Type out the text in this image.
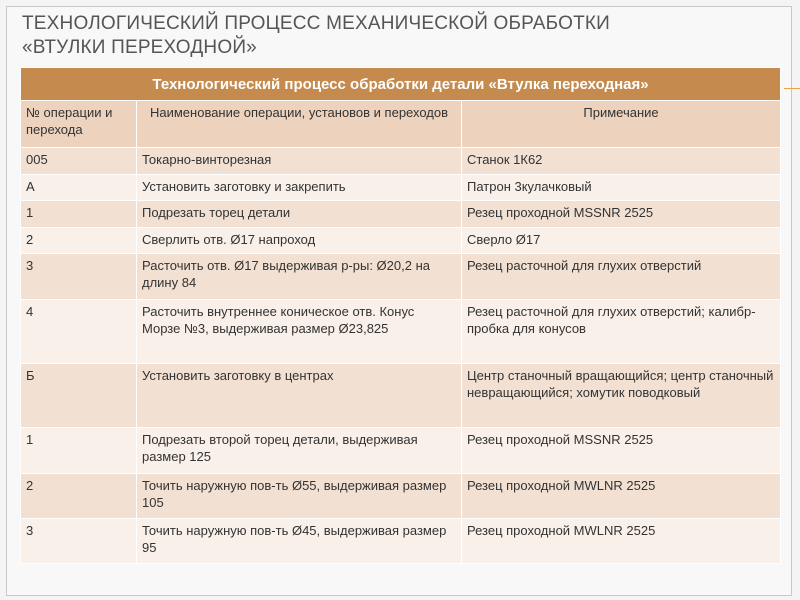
ТЕХНОЛОГИЧЕСКИЙ ПРОЦЕСС МЕХАНИЧЕСКОЙ ОБРАБОТКИ
«ВТУЛКИ ПЕРЕХОДНОЙ»
Технологический процесс обработки детали «Втулка переходная»		
№ операции и перехода	Наименование операции, установов и переходов	Примечание
005	Токарно-винторезная	Станок 1К62
А	Установить заготовку и закрепить	Патрон 3кулачковый
1	Подрезать торец детали	Резец проходной MSSNR 2525
2	Сверлить отв. Ø17 напроход	Сверло Ø17
3	Расточить отв. Ø17 выдерживая р-ры: Ø20,2 на длину 84	Резец расточной для глухих отверстий
4	Расточить внутреннее коническое отв. Конус Морзе №3, выдерживая размер Ø23,825	Резец расточной для глухих отверстий; калибр-пробка для конусов
Б	Установить заготовку в центрах	Центр станочный вращающийся; центр станочный невращающийся; хомутик поводковый
1	Подрезать второй торец детали, выдерживая размер 125	Резец проходной MSSNR 2525
2	Точить наружную пов-ть Ø55, выдерживая размер 105	Резец проходной MWLNR 2525
3	Точить наружную пов-ть Ø45, выдерживая размер 95	Резец проходной MWLNR 2525
